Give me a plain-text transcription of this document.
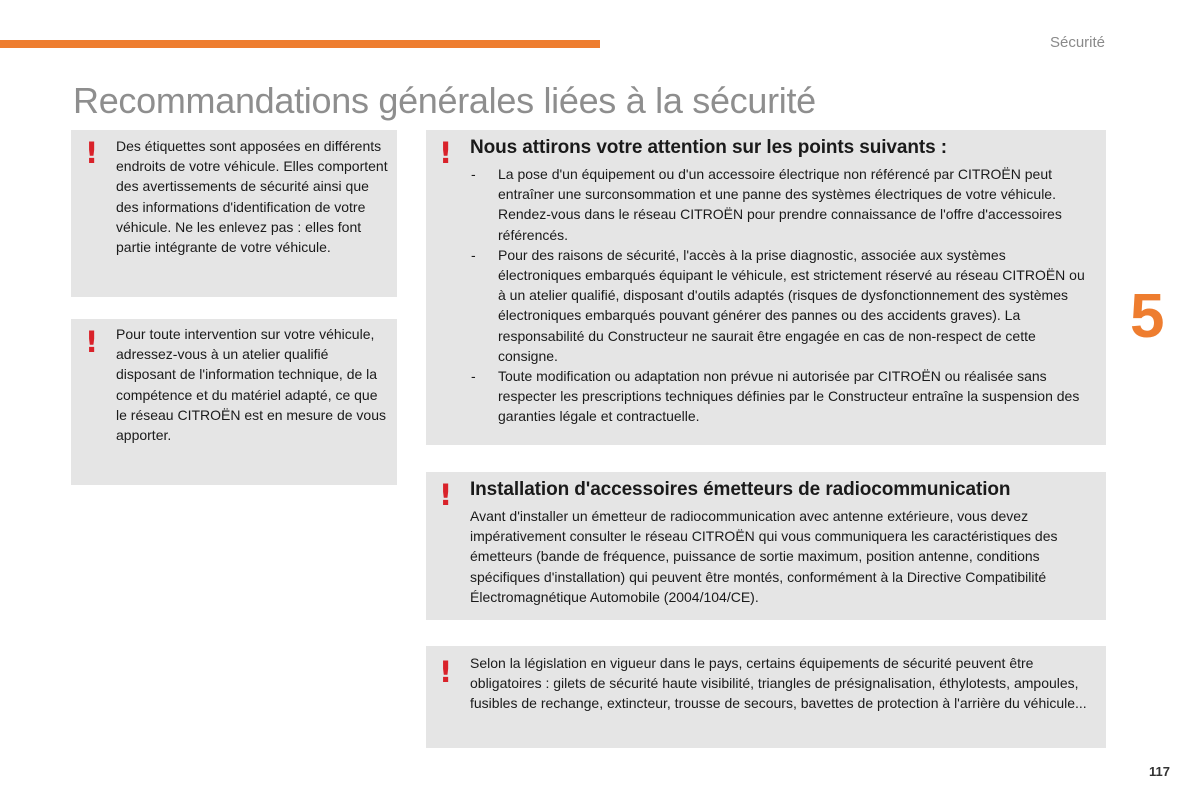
Sécurité
Recommandations générales liées à la sécurité
5
! Des étiquettes sont apposées en différents endroits de votre véhicule. Elles comportent des avertissements de sécurité ainsi que des informations d'identification de votre véhicule. Ne les enlevez pas : elles font partie intégrante de votre véhicule.

! Pour toute intervention sur votre véhicule, adressez-vous à un atelier qualifié disposant de l'information technique, de la compétence et du matériel adapté, ce que le réseau CITROËN est en mesure de vous apporter.

! Nous attirons votre attention sur les points suivants :
- La pose d'un équipement ou d'un accessoire électrique non référencé par CITROËN peut entraîner une surconsommation et une panne des systèmes électriques de votre véhicule. Rendez-vous dans le réseau CITROËN pour prendre connaissance de l'offre d'accessoires référencés.
- Pour des raisons de sécurité, l'accès à la prise diagnostic, associée aux systèmes électroniques embarqués équipant le véhicule, est strictement réservé au réseau CITROËN ou à un atelier qualifié, disposant d'outils adaptés (risques de dysfonctionnement des systèmes électroniques embarqués pouvant générer des pannes ou des accidents graves). La responsabilité du Constructeur ne saurait être engagée en cas de non-respect de cette consigne.
- Toute modification ou adaptation non prévue ni autorisée par CITROËN ou réalisée sans respecter les prescriptions techniques définies par le Constructeur entraîne la suspension des garanties légale et contractuelle.
! Installation d'accessoires émetteurs de radiocommunication

Avant d'installer un émetteur de radiocommunication avec antenne extérieure, vous devez impérativement consulter le réseau CITROËN qui vous communiquera les caractéristiques des émetteurs (bande de fréquence, puissance de sortie maximum, position antenne, conditions spécifiques d'installation) qui peuvent être montés, conformément à la Directive Compatibilité Électromagnétique Automobile (2004/104/CE).

! Selon la législation en vigueur dans le pays, certains équipements de sécurité peuvent être obligatoires : gilets de sécurité haute visibilité, triangles de présignalisation, éthylotests, ampoules, fusibles de rechange, extincteur, trousse de secours, bavettes de protection à l'arrière du véhicule...

117
